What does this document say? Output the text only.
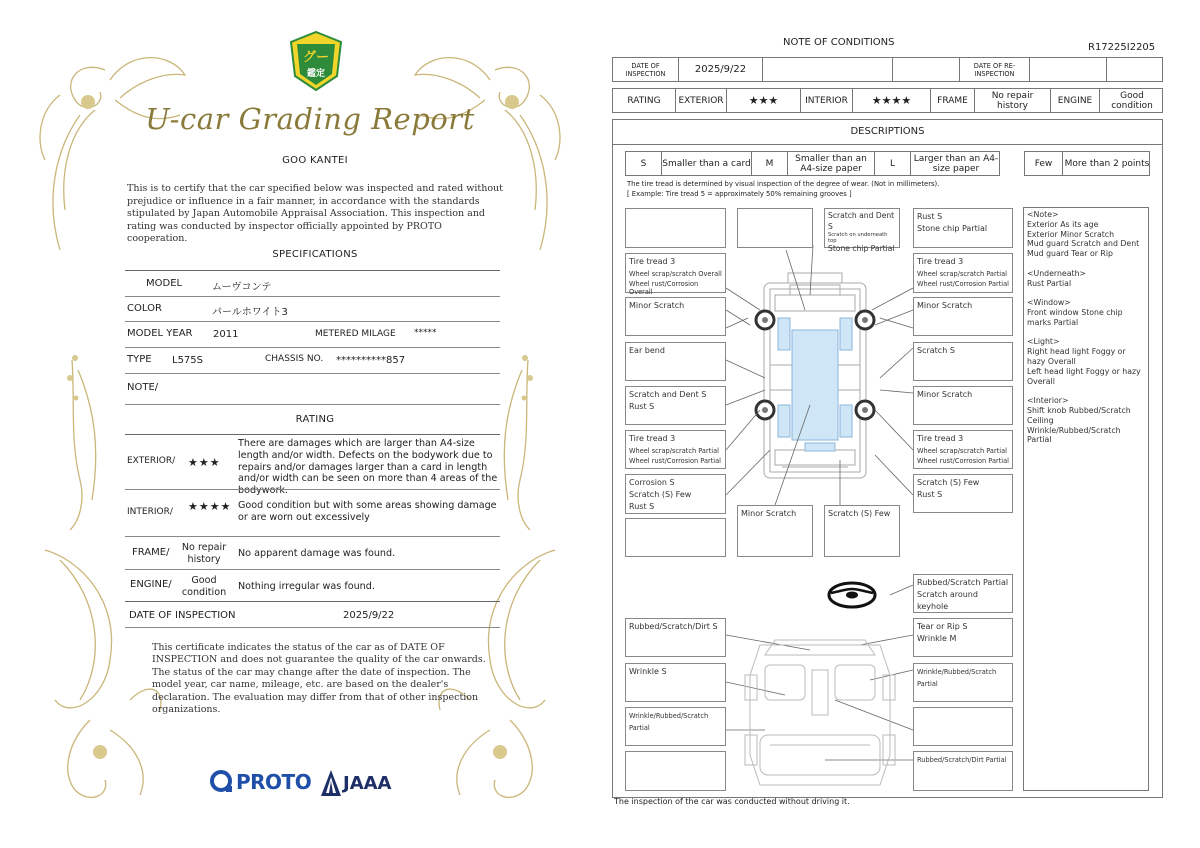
グー
鑑定
U-car Grading Report
GOO KANTEI
This is to certify that the car specified below was inspected and rated without prejudice or influence in a fair manner, in accordance with the standards stipulated by Japan Automobile Appraisal Association. This inspection and rating was conducted by inspector officially appointed by PROTO cooperation.
SPECIFICATIONS
MODEL	ムーヴコンテ
COLOR	パールホワイト3
MODEL YEAR 2011	METERED MILAGE *****
TYPE L575S	CHASSIS NO. **********857
NOTE/
RATING
EXTERIOR/ ★★★
There are damages which are larger than A4-size length and/or width. Defects on the bodywork due to repairs and/or damages larger than a card in length and/or width can be seen on more than 4 areas of the bodywork.
INTERIOR/ ★★★★ Good condition but with some areas showing damage or are worn out excessively
FRAME/	No repair history
No apparent damage was found.
ENGINE/	Good condition
Nothing irregular was found.
DATE OF INSPECTION	2025/9/22
This certificate indicates the status of the car as of DATE OF INSPECTION and does not guarantee the quality of the car onwards. The status of the car may change after the date of inspection. The model year, car name, mileage, etc. are based on the dealer's declaration. The evaluation may differ from that of other inspection organizations.
PROTO JAAA
NOTE OF CONDITIONS	R17225I2205
DATE OF INSPECTION	2025/9/22	DATE OF RE-INSPECTION
RATING	EXTERIOR	★★★	INTERIOR	★★★★	FRAME	No repair history	ENGINE	Good condition
DESCRIPTIONS
S	Smaller than a card	M	Smaller than an A4-size paper	L	Larger than an A4-size paper	Few	More than 2 points
The tire tread is determined by visual inspection of the degree of wear. (Not in millimeters).
[ Example: Tire tread 5 = approximately 50% remaining grooves ]
Scratch and Dent S
Scratch on underneath top
Stone chip Partial
Rust S
Stone chip Partial
Tire tread 3
Wheel scrap/scratch Overall
Wheel rust/Corrosion Overall
Tire tread 3
Wheel scrap/scratch Partial
Wheel rust/Corrosion Partial
Minor Scratch	Minor Scratch
Ear bend	Scratch S
Scratch and Dent S
Rust S
Minor Scratch
Tire tread 3
Wheel scrap/scratch Partial
Wheel rust/Corrosion Partial
Tire tread 3
Wheel scrap/scratch Partial
Wheel rust/Corrosion Partial
Corrosion S
Scratch (S) Few
Rust S
Scratch (S) Few
Rust S
Minor Scratch	Scratch (S) Few
Rubbed/Scratch Partial
Scratch around keyhole
Rubbed/Scratch/Dirt S	Tear or Rip S
Wrinkle M
Wrinkle S	Wrinkle/Rubbed/Scratch Partial
Wrinkle/Rubbed/Scratch Partial
Rubbed/Scratch/Dirt Partial

<Note>
Exterior As its age
Exterior Minor Scratch
Mud guard Scratch and Dent
Mud guard Tear or Rip

<Underneath>
Rust Partial

<Window>
Front window Stone chip marks Partial

<Light>
Right head light Foggy or hazy Overall
Left head light Foggy or hazy Overall

<Interior>
Shift knob Rubbed/Scratch
Ceiling
Wrinkle/Rubbed/Scratch Partial

The inspection of the car was conducted without driving it.
